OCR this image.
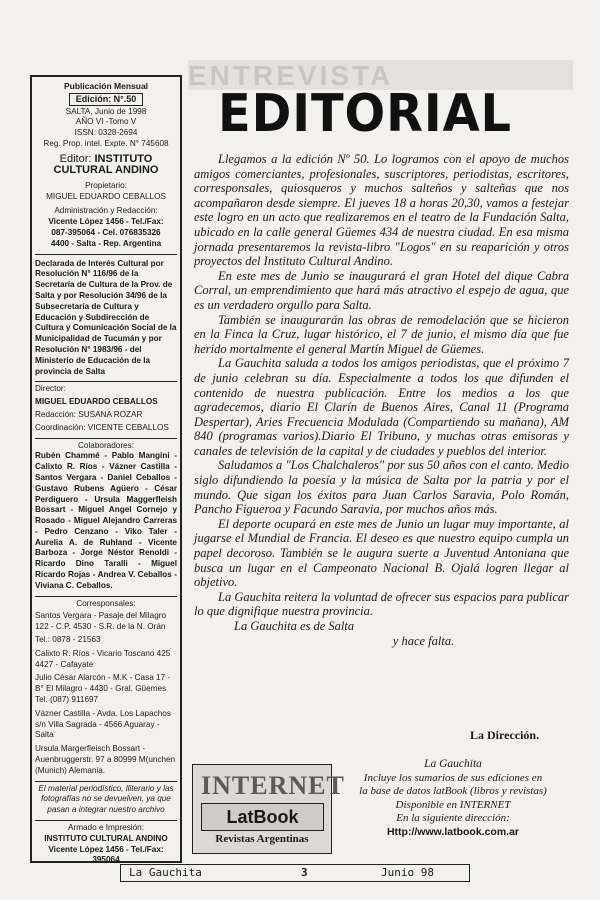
Publicación Mensual
Edición: N°.50
SALTA, Junio de 1998
AÑO VI -Tomo V
ISSN: 0328-2694
Reg. Prop. intel. Expte. N° 745608
Editor: INSTITUTO CULTURAL ANDINO
Propietario:
MIGUEL EDUARDO CEBALLOS
Administración y Redacción:
Vicente López 1456 - Tel./Fax:
087-395064 - Cel. 076835326
4400 - Salta - Rep. Argentina
Declarada de Interés Cultural por Resolución N° 116/96 de la Secretaría de Cultura de la Prov. de Salta y por Resolución 34/96 de la Subsecretaría de Cultura y Educación y Subdirección de Cultura y Comunicación Social de la Municipalidad de Tucumán y por Resolución N° 1983/96 - del Ministerio de Educación de la provincia de Salta
Director:
MIGUEL EDUARDO CEBALLOS
Redacción: SUSANA ROZAR
Coordinación: VICENTE CEBALLOS
Colaboradores:
Rubén Chammé - Pablo Mangini - Calixto R. Ríos - Vázner Castilla - Santos Vergara - Daniel Ceballos - Gustavo Rubens Agüero - César Perdiguero - Ursula Maggerfleish Bossart - Miguel Angel Cornejo y Rosado - Miguel Alejandro Carreras - Pedro Cenzano - Viko Taler - Aurelia A. de Ruhland - Vicente Barboza - Jorge Néstor Renoldi - Ricardo Dino Taralli - Miguel Ricardo Rojas - Andrea V. Ceballos - Viviana C. Ceballos.
Corresponsales:
Santos Vergara - Pasaje del Milagro 122 - C.P. 4530 - S.R. de la N. Orán
Tel.: 0878 - 21563
Calixto R. Ríos - Vicario Toscano 425 4427 - Cafayate
Julio César Alarcón - M.K - Casa 17 - B° El Milagro - 4430 - Gral. Güemes Tel. (087) 911697
Vázner Castilla - Avda. Los Lapachos s/n Villa Sagrada - 4566 Aguaray - Salta
Ursula Margerfleisch Bossart - Auenbruggerstr. 97 a 80999 M(unchen (Munich) Alemania.
El material periodístico, lliterario y las fotografías no se devuelven, ya que pasan a integrar nuestro archivo
Armado e Impresión:
INSTITUTO CULTURAL ANDINO
Vicente López 1456 - Tel./Fax: 395064
ENTREVISTA
EDITORIAL

Llegamos a la edición Nº 50. Lo logramos con el apoyo de muchos amigos comerciantes, profesionales, suscriptores, periodistas, escritores, corresponsales, quiosqueros y muchos salteños y salteñas que nos acompañaron desde siempre. El jueves 18 a horas 20,30, vamos a festejar este logro en un acto que realizaremos en el teatro de la Fundación Salta, ubicado en la calle general Güemes 434 de nuestra ciudad. En esa misma jornada presentaremos la revista-libro "Logos" en su reaparición y otros proyectos del Instituto Cultural Andino.

En este mes de Junio se inaugurará el gran Hotel del dique Cabra Corral, un emprendimiento que hará más atractivo el espejo de agua, que es un verdadero orgullo para Salta.

También se inaugurarán las obras de remodelación que se hicieron en la Finca la Cruz, lugar histórico, el 7 de junio, el mismo día que fue herido mortalmente el general Martín Miguel de Güemes.

La Gauchita saluda a todos los amigos periodistas, que el próximo 7 de junio celebran su día. Especialmente a todos los que difunden el contenido de nuestra publicación. Entre los medios a los que agradecemos, diario El Clarín de Buenos Aires, Canal 11 (Programa Despertar), Aries Frecuencia Modulada (Compartiendo su mañana), AM 840 (programas varios).Diario El Tribuno, y muchas otras emisoras y canales de televisión de la capital y de ciudades y pueblos del interior.

Saludamos a "Los Chalchaleros" por sus 50 años con el canto. Medio siglo difundiendo la poesía y la música de Salta por la patria y por el mundo. Que sigan los éxitos para Juan Carlos Saravia, Polo Román, Pancho Figueroa y Facundo Saravia, por muchos años más.

El deporte ocupará en este mes de Junio un lugar muy importante, al jugarse el Mundial de Francia. El deseo es que nuestro equipo cumpla un papel decoroso. También se le augura suerte a Juventud Antoniana que busca un lugar en el Campeonato Nacional B. Ojalá logren llegar al objetivo.

La Gauchita reitera la voluntad de ofrecer sus espacios para publicar lo que dignifique nuestra provincia.

La Gauchita es de Salta

y hace falta.

La Dirección.
INTERNET
LatBook
Revistas Argentinas
La Gauchita
Incluye los sumarios de sus ediciones en
la base de datos latBook (libros y revistas)
Disponible en INTERNET
En la siguiente dirección:
Http://www.latbook.com.ar
La Gauchita	3	Junio 98
